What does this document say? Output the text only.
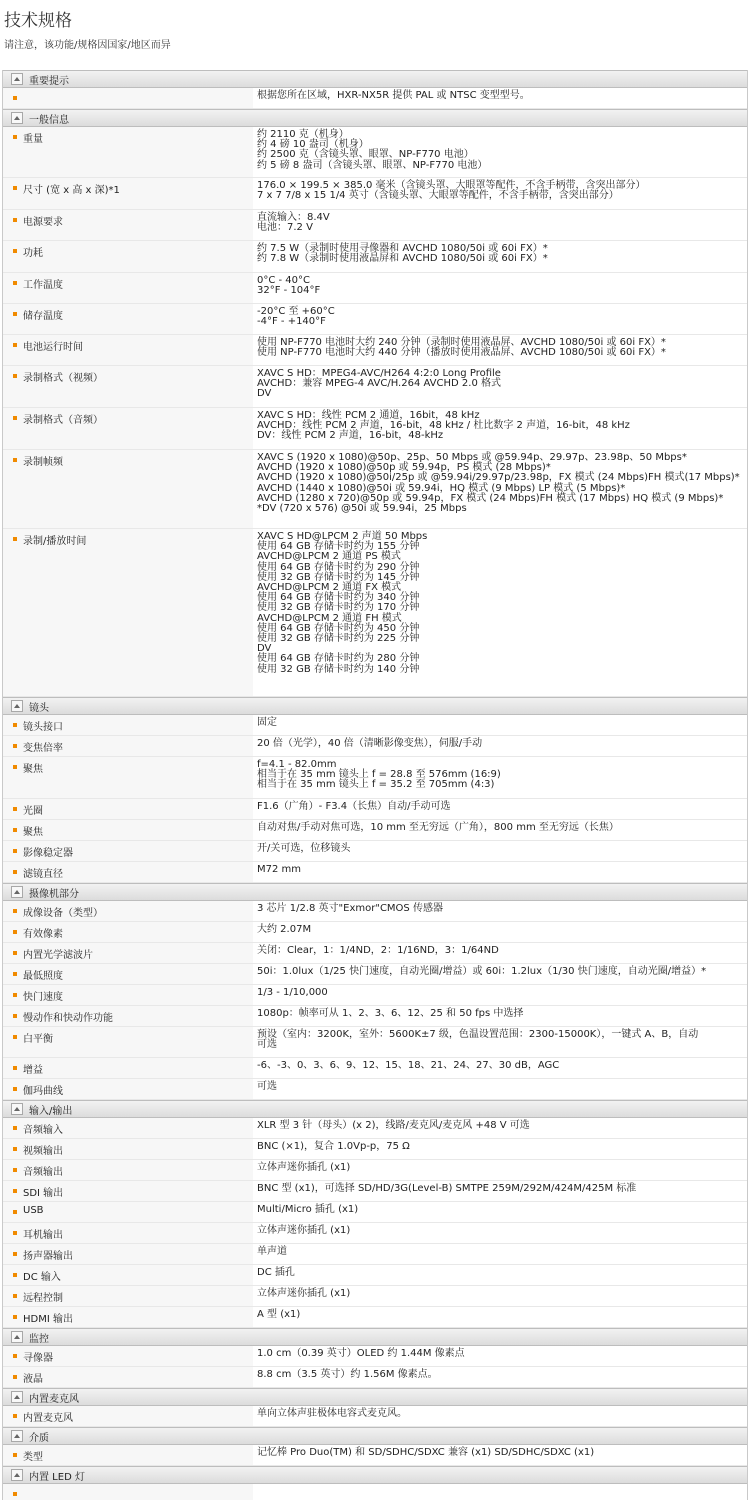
技术规格
请注意，该功能/规格因国家/地区而异
重要提示
根据您所在区域，HXR-NX5R 提供 PAL 或 NTSC 变型型号。
一般信息
重量	约 2110 克（机身）
约 4 磅 10 盎司（机身）
约 2500 克（含镜头罩、眼罩、NP-F770 电池）
约 5 磅 8 盎司（含镜头罩、眼罩、NP-F770 电池）
尺寸 (宽 x 高 x 深)*1	176.0 × 199.5 × 385.0 毫米（含镜头罩、大眼罩等配件，不含手柄带，含突出部分）
7 x 7 7/8 x 15 1/4 英寸（含镜头罩、大眼罩等配件，不含手柄带，含突出部分）
电源要求	直流输入：8.4V
电池：7.2 V
功耗	约 7.5 W（录制时使用寻像器和 AVCHD 1080/50i 或 60i FX）*
约 7.8 W（录制时使用液晶屏和 AVCHD 1080/50i 或 60i FX）*
工作温度	0°C - 40°C
32°F - 104°F
储存温度	-20°C 至 +60°C
-4°F - +140°F
电池运行时间	使用 NP-F770 电池时大约 240 分钟（录制时使用液晶屏、AVCHD 1080/50i 或 60i FX）*
使用 NP-F770 电池时大约 440 分钟（播放时使用液晶屏、AVCHD 1080/50i 或 60i FX）*
录制格式（视频）	XAVC S HD：MPEG4-AVC/H264 4:2:0 Long Profile
AVCHD：兼容 MPEG-4 AVC/H.264 AVCHD 2.0 格式
DV
录制格式（音频）	XAVC S HD：线性 PCM 2 通道，16bit，48 kHz
AVCHD：线性 PCM 2 声道，16-bit，48 kHz / 杜比数字 2 声道，16-bit，48 kHz
DV：线性 PCM 2 声道，16-bit，48-kHz
录制帧频	XAVC S (1920 x 1080)@50p、25p、50 Mbps 或 @59.94p、29.97p、23.98p、50 Mbps*
AVCHD (1920 x 1080)@50p 或 59.94p，PS 模式 (28 Mbps)*
AVCHD (1920 x 1080)@50i/25p 或 @59.94i/29.97p/23.98p，FX 模式 (24 Mbps)FH 模式(17 Mbps)*
AVCHD (1440 x 1080)@50i 或 59.94i，HQ 模式 (9 Mbps) LP 模式 (5 Mbps)*
AVCHD (1280 x 720)@50p 或 59.94p，FX 模式 (24 Mbps)FH 模式 (17 Mbps) HQ 模式 (9 Mbps)*
*DV (720 x 576) @50i 或 59.94i，25 Mbps
录制/播放时间	XAVC S HD@LPCM 2 声道 50 Mbps
使用 64 GB 存储卡时约为 155 分钟
AVCHD@LPCM 2 通道 PS 模式
使用 64 GB 存储卡时约为 290 分钟
使用 32 GB 存储卡时约为 145 分钟
AVCHD@LPCM 2 通道 FX 模式
使用 64 GB 存储卡时约为 340 分钟
使用 32 GB 存储卡时约为 170 分钟
AVCHD@LPCM 2 通道 FH 模式
使用 64 GB 存储卡时约为 450 分钟
使用 32 GB 存储卡时约为 225 分钟
DV
使用 64 GB 存储卡时约为 280 分钟
使用 32 GB 存储卡时约为 140 分钟
镜头
镜头接口	固定
变焦倍率	20 倍（光学），40 倍（清晰影像变焦），伺服/手动
聚焦	f=4.1 - 82.0mm
相当于在 35 mm 镜头上 f = 28.8 至 576mm (16:9)
相当于在 35 mm 镜头上 f = 35.2 至 705mm (4:3)
光圈	F1.6（广角）- F3.4（长焦）自动/手动可选
聚焦	自动对焦/手动对焦可选，10 mm 至无穷远（广角），800 mm 至无穷远（长焦）
影像稳定器	开/关可选，位移镜头
滤镜直径	M72 mm
摄像机部分
成像设备（类型）	3 芯片 1/2.8 英寸"Exmor"CMOS 传感器
有效像素	大约 2.07M
内置光学滤波片	关闭：Clear，1：1/4ND，2：1/16ND，3：1/64ND
最低照度	50i：1.0lux（1/25 快门速度，自动光圈/增益）或 60i：1.2lux（1/30 快门速度，自动光圈/增益）*
快门速度	1/3 - 1/10,000
慢动作和快动作功能	1080p：帧率可从 1、2、3、6、12、25 和 50 fps 中选择
白平衡	预设（室内：3200K，室外：5600K±7 级，色温设置范围：2300-15000K），一键式 A、B，自动
可选
增益	-6、-3、0、3、6、9、12、15、18、21、24、27、30 dB，AGC
伽玛曲线	可选
输入/输出
音频输入	XLR 型 3 针（母头）(x 2)，线路/麦克风/麦克风 +48 V 可选
视频输出	BNC (×1)，复合 1.0Vp-p，75 Ω
音频输出	立体声迷你插孔 (x1)
SDI 输出	BNC 型 (x1)，可选择 SD/HD/3G(Level-B) SMTPE 259M/292M/424M/425M 标准
USB	Multi/Micro 插孔 (x1)
耳机输出	立体声迷你插孔 (x1)
扬声器输出	单声道
DC 输入	DC 插孔
远程控制	立体声迷你插孔 (x1)
HDMI 输出	A 型 (x1)
监控
寻像器	1.0 cm（0.39 英寸）OLED 约 1.44M 像素点
液晶	8.8 cm（3.5 英寸）约 1.56M 像素点。
内置麦克风
内置麦克风	单向立体声驻极体电容式麦克风。
介质
类型	记忆棒 Pro Duo(TM) 和 SD/SDHC/SDXC 兼容 (x1) SD/SDHC/SDXC (x1)
内置 LED 灯
